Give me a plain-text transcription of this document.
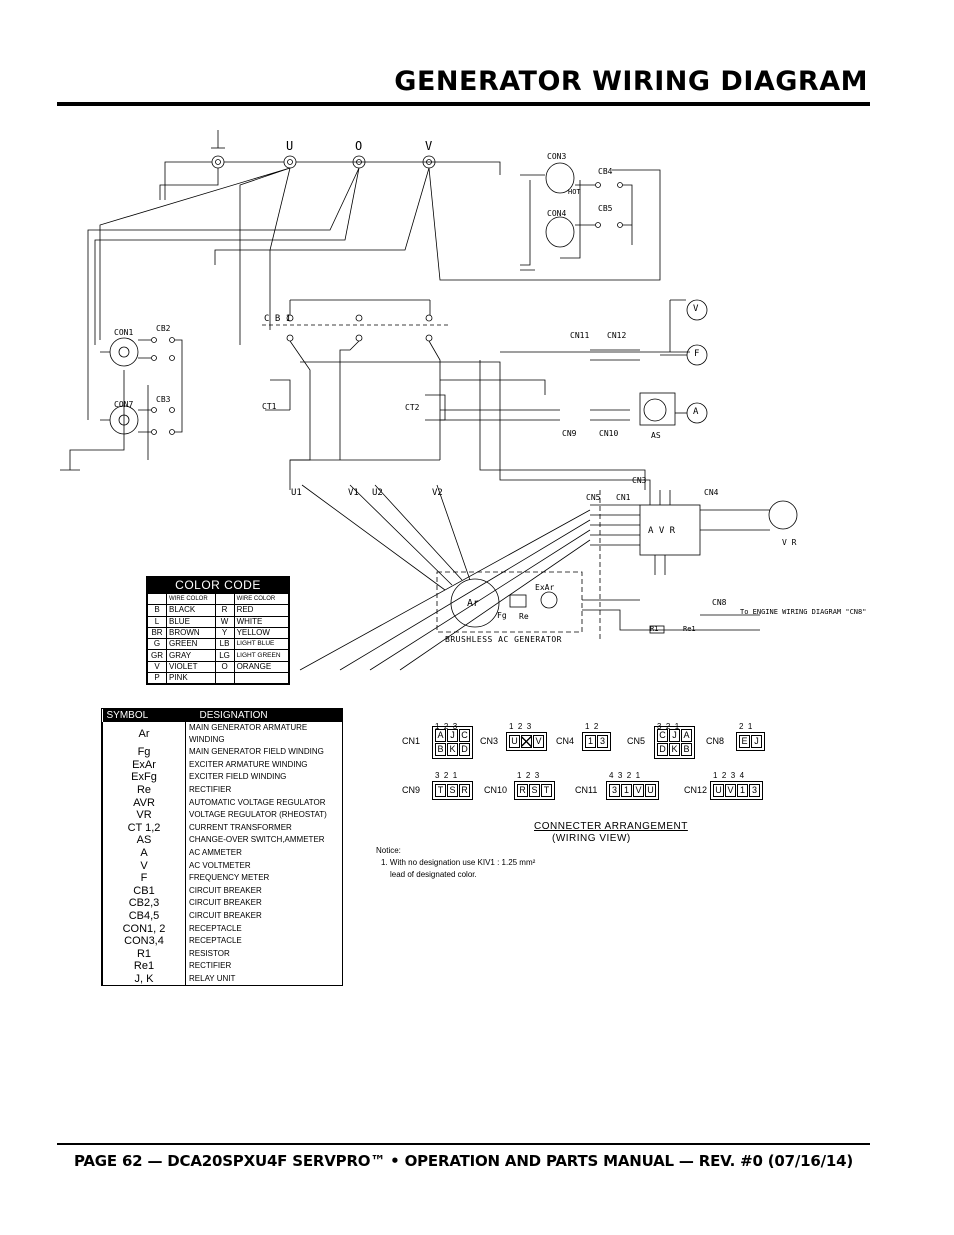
GENERATOR WIRING DIAGRAM
U	O	V
CON3
CON4
CB4
CB5
HOT
CON1
CON7
CB2
CB3
C B 1
CT1	CT2
CN11 CN12
CN9	CN10	AS
V
F
A
U1	V1 U2	V2
CN3
CN5 CN1
CN4
A V R
V R
CN8
To ENGINE WIRING DIAGRAM "CN8"
Ar
Fg Re
ExAr
R1	Re1
BRUSHLESS AC GENERATOR
COLOR CODE
	WIRE COLOR		WIRE COLOR
B	BLACK	R	RED
L	BLUE	W	WHITE
BR	BROWN	Y	YELLOW
G	GREEN	LB	LIGHT BLUE
GR	GRAY	LG	LIGHT GREEN
V	VIOLET	O	ORANGE
P	PINK		
SYMBOL	DESIGNATION
Ar	MAIN GENERATOR ARMATURE WINDING
Fg	MAIN GENERATOR FIELD WINDING
ExAr	EXCITER ARMATURE WINDING
ExFg	EXCITER FIELD WINDING
Re	RECTIFIER
AVR	AUTOMATIC VOLTAGE REGULATOR
VR	VOLTAGE REGULATOR (RHEOSTAT)
CT 1,2	CURRENT TRANSFORMER
AS	CHANGE-OVER SWITCH,AMMETER
A	AC AMMETER
V	AC VOLTMETER
F	FREQUENCY METER
CB1	CIRCUIT BREAKER
CB2,3	CIRCUIT BREAKER
CB4,5	CIRCUIT BREAKER
CON1, 2	RECEPTACLE
CON3,4	RECEPTACLE
R1	RESISTOR
Re1	RECTIFIER
J, K	RELAY UNIT
CN1
1  2  3
A J C
B K D
CN3
1  2  3
U V CN4
1  2
1 3	CN5
3  2  1
C J A
D K B
CN8
2  1
E J
CN9
3  2  1
T S R CN10
1  2  3
R S T	CN11
4  3  2  1
3 1 V U	CN12
1  2  3  4
U V 1 3
CONNECTER ARRANGEMENT
(WIRING VIEW)
Notice:
1. With no designation use KIV1 : 1.25 mm²
lead of designated color.
PAGE 62 — DCA20SPXU4F SERVPRO™ • OPERATION AND PARTS MANUAL — REV. #0 (07/16/14)
